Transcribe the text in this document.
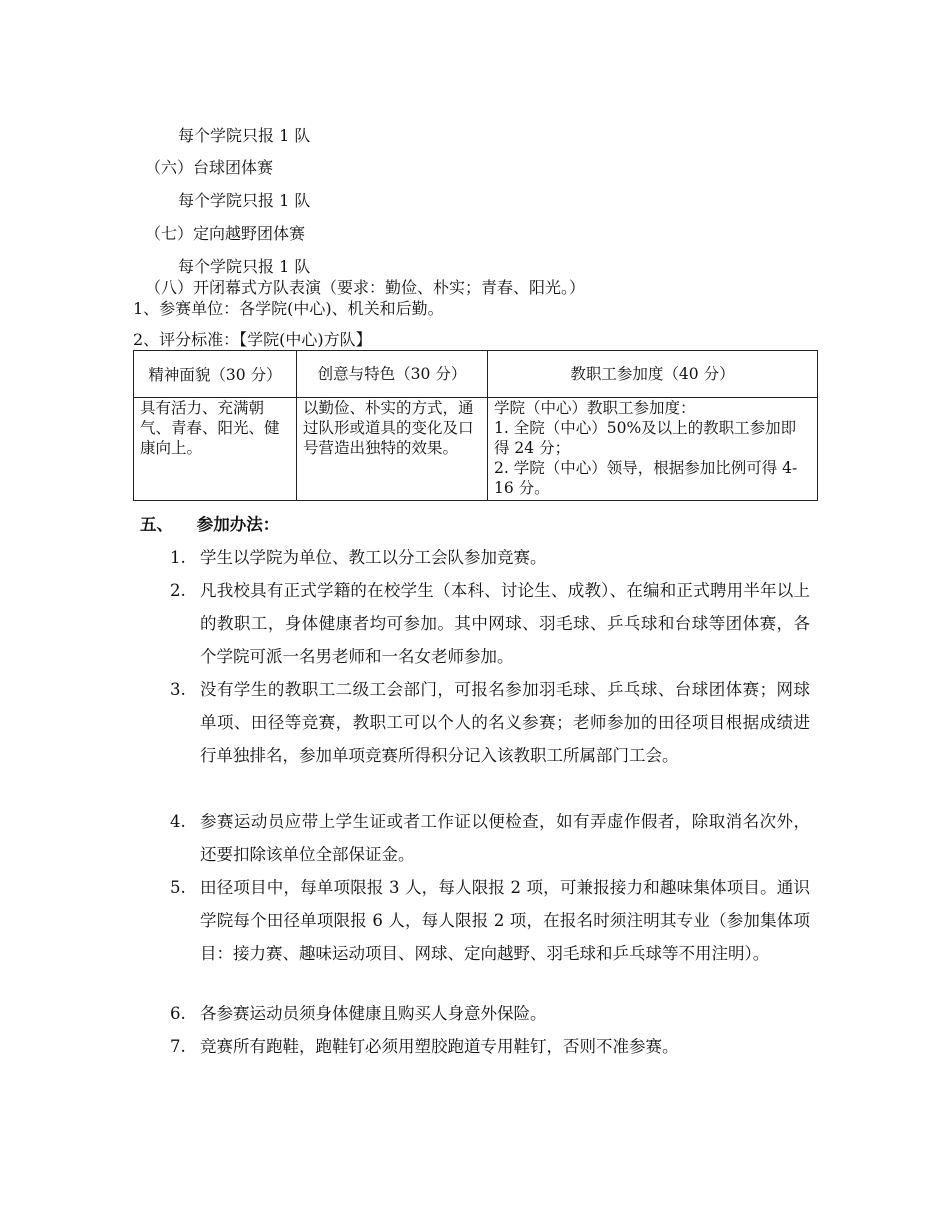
每个学院只报 1 队
（六）台球团体赛
每个学院只报 1 队
（七）定向越野团体赛
每个学院只报 1 队
（八）开闭幕式方队表演（要求：勤俭、朴实；青春、阳光。）
1、参赛单位：各学院(中心)、机关和后勤。
2、评分标准：【学院(中心)方队】
精神面貌（30 分）	创意与特色（30 分）	教职工参加度（40 分）
具有活力、充满朝气、青春、阳光、健康向上。	以勤俭、朴实的方式，通过队形或道具的变化及口号营造出独特的效果。	学院（中心）教职工参加度：
1. 全院（中心）50%及以上的教职工参加即得 24 分；
2. 学院（中心）领导，根据参加比例可得 4-16 分。
五、 参加办法：
1. 学生以学院为单位、教工以分工会队参加竞赛。
2. 凡我校具有正式学籍的在校学生（本科、讨论生、成教）、在编和正式聘用半年以上的教职工，身体健康者均可参加。其中网球、羽毛球、乒乓球和台球等团体赛，各个学院可派一名男老师和一名女老师参加。
3. 没有学生的教职工二级工会部门，可报名参加羽毛球、乒乓球、台球团体赛；网球单项、田径等竞赛，教职工可以个人的名义参赛；老师参加的田径项目根据成绩进行单独排名，参加单项竞赛所得积分记入该教职工所属部门工会。
4. 参赛运动员应带上学生证或者工作证以便检查，如有弄虚作假者，除取消名次外，还要扣除该单位全部保证金。
5. 田径项目中，每单项限报 3 人，每人限报 2 项，可兼报接力和趣味集体项目。通识学院每个田径单项限报 6 人，每人限报 2 项，在报名时须注明其专业（参加集体项目：接力赛、趣味运动项目、网球、定向越野、羽毛球和乒乓球等不用注明）。
6. 各参赛运动员须身体健康且购买人身意外保险。
7. 竞赛所有跑鞋，跑鞋钉必须用塑胶跑道专用鞋钉，否则不准参赛。
